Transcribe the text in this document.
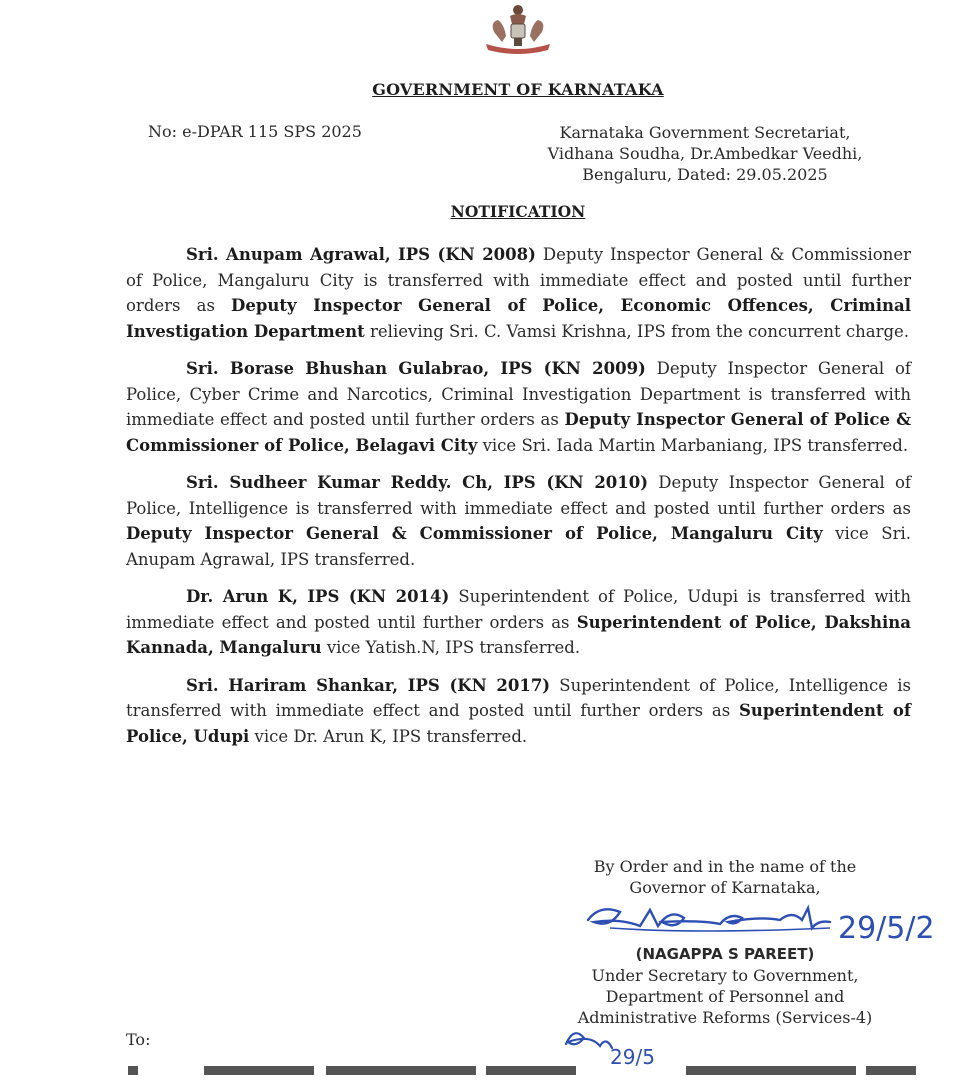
GOVERNMENT OF KARNATAKA
No: e-DPAR 115 SPS 2025	Karnataka Government Secretariat,
Vidhana Soudha, Dr.Ambedkar Veedhi,
Bengaluru, Dated: 29.05.2025
NOTIFICATION

Sri. Anupam Agrawal, IPS (KN 2008) Deputy Inspector General & Commissioner of Police, Mangaluru City is transferred with immediate effect and posted until further orders as Deputy Inspector General of Police, Economic Offences, Criminal Investigation Department relieving Sri. C. Vamsi Krishna, IPS from the concurrent charge.

Sri. Borase Bhushan Gulabrao, IPS (KN 2009) Deputy Inspector General of Police, Cyber Crime and Narcotics, Criminal Investigation Department is transferred with immediate effect and posted until further orders as Deputy Inspector General of Police & Commissioner of Police, Belagavi City vice Sri. Iada Martin Marbaniang, IPS transferred.

Sri. Sudheer Kumar Reddy. Ch, IPS (KN 2010) Deputy Inspector General of Police, Intelligence is transferred with immediate effect and posted until further orders as Deputy Inspector General & Commissioner of Police, Mangaluru City vice Sri. Anupam Agrawal, IPS transferred.

Dr. Arun K, IPS (KN 2014) Superintendent of Police, Udupi is transferred with immediate effect and posted until further orders as Superintendent of Police, Dakshina Kannada, Mangaluru vice Yatish.N, IPS transferred.

Sri. Hariram Shankar, IPS (KN 2017) Superintendent of Police, Intelligence is transferred with immediate effect and posted until further orders as Superintendent of Police, Udupi vice Dr. Arun K, IPS transferred.

By Order and in the name of the
Governor of Karnataka,
29/5/2
(NAGAPPA S PAREET)
Under Secretary to Government,
Department of Personnel and
Administrative Reforms (Services-4)
To:
29/5
